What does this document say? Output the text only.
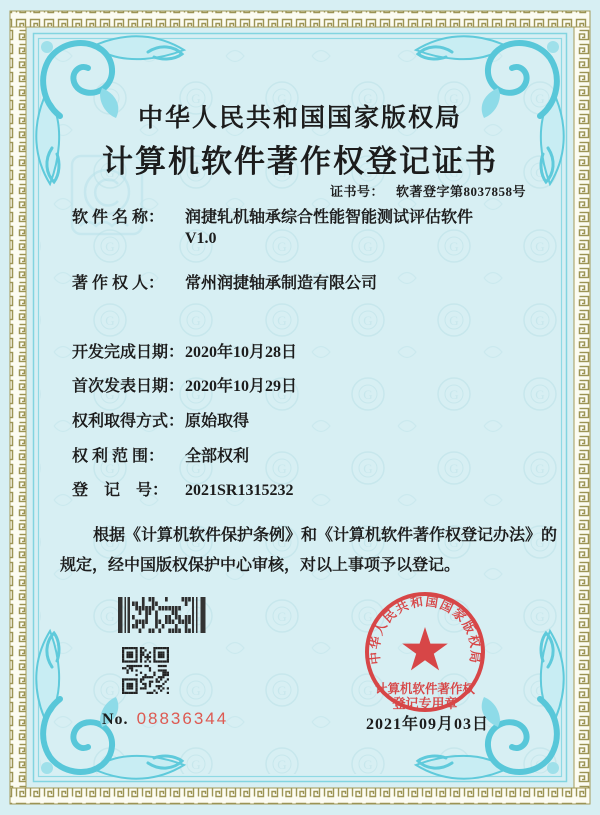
中华人民共和国国家版权局
计算机软件著作权登记证书
证书号： 软著登字第8037858号
软 件 名 称： 润捷轧机轴承综合性能智能测试评估软件
V1.0
著 作 权 人： 常州润捷轴承制造有限公司
开发完成日期：2020年10月28日
首次发表日期：2020年10月29日
权利取得方式：原始取得
权 利 范 围： 全部权利
登　记　号： 2021SR1315232
根据《计算机软件保护条例》和《计算机软件著作权登记办法》的
规定，经中国版权保护中心审核，对以上事项予以登记。
No. 08836344
中华人民共和国国家版权局
计算机软件著作权
登记专用章
2021年09月03日
